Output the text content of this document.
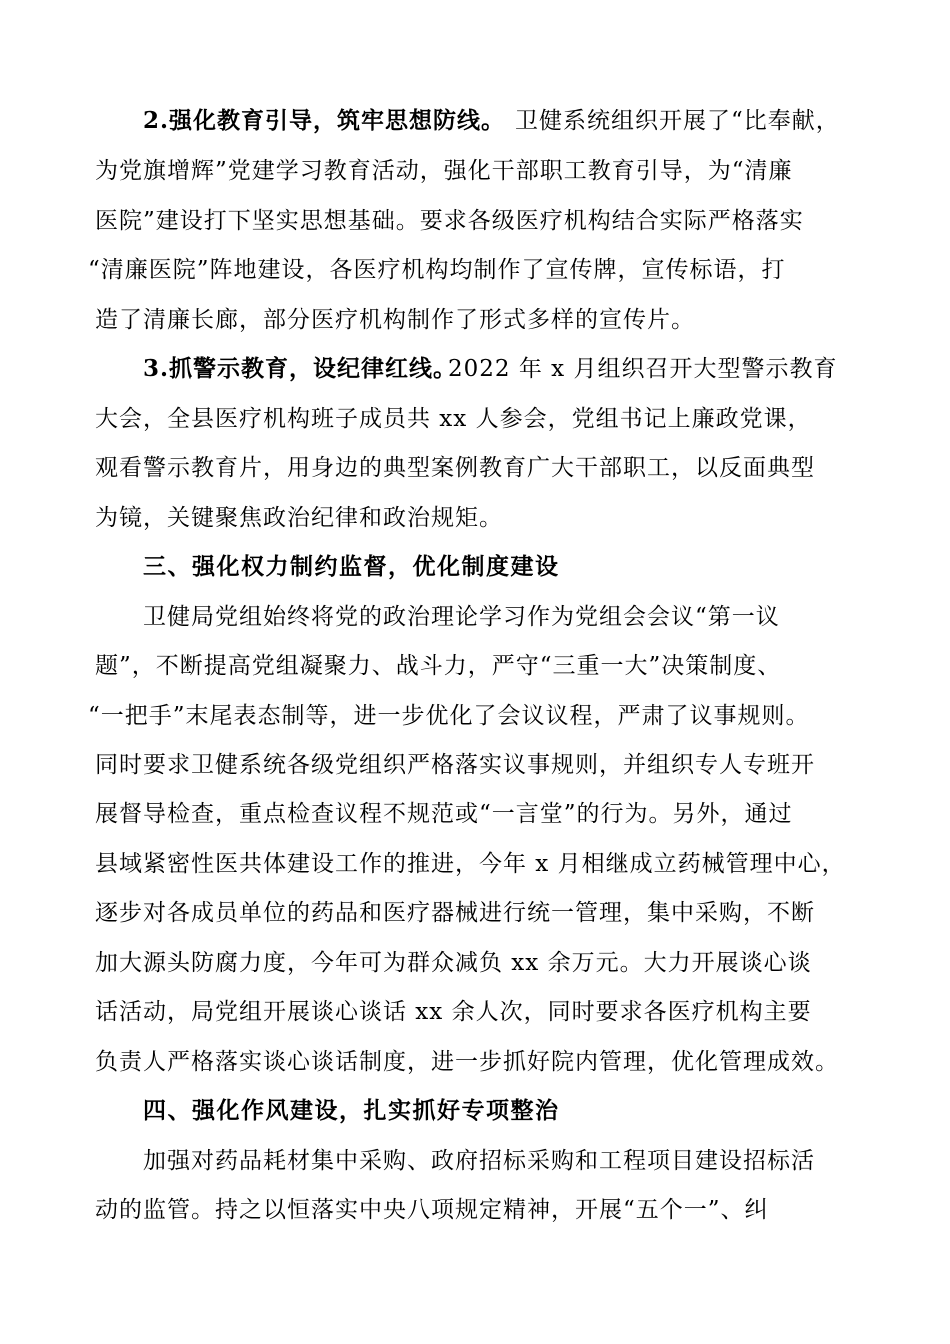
2.强化教育引导，筑牢思想防线。 卫健系统组织开展了“比奉献，
为党旗增辉”党建学习教育活动，强化干部职工教育引导，为“清廉
医院”建设打下坚实思想基础。要求各级医疗机构结合实际严格落实
“清廉医院”阵地建设，各医疗机构均制作了宣传牌，宣传标语，打
造了清廉长廊，部分医疗机构制作了形式多样的宣传片。
3.抓警示教育，设纪律红线。
2022 年 x 月组织召开大型警示教育
大会，全县医疗机构班子成员共 xx 人参会，党组书记上廉政党课，
观看警示教育片，用身边的典型案例教育广大干部职工，以反面典型
为镜，关键聚焦政治纪律和政治规矩。
三、强化权力制约监督，优化制度建设
卫健局党组始终将党的政治理论学习作为党组会会议“第一议
题”，不断提高党组凝聚力、战斗力，严守“三重一大”决策制度、
“一把手”末尾表态制等，进一步优化了会议议程，严肃了议事规则。
同时要求卫健系统各级党组织严格落实议事规则，并组织专人专班开
展督导检查，重点检查议程不规范或“一言堂”的行为。另外，通过
县域紧密性医共体建设工作的推进，今年 x 月相继成立药械管理中心，
逐步对各成员单位的药品和医疗器械进行统一管理，集中采购，不断
加大源头防腐力度，今年可为群众减负 xx 余万元。大力开展谈心谈
话活动，局党组开展谈心谈话 xx 余人次，同时要求各医疗机构主要
负责人严格落实谈心谈话制度，进一步抓好院内管理，优化管理成效。
四、强化作风建设，扎实抓好专项整治
加强对药品耗材集中采购、政府招标采购和工程项目建设招标活
动的监管。持之以恒落实中央八项规定精神，开展“五个一”、纠
